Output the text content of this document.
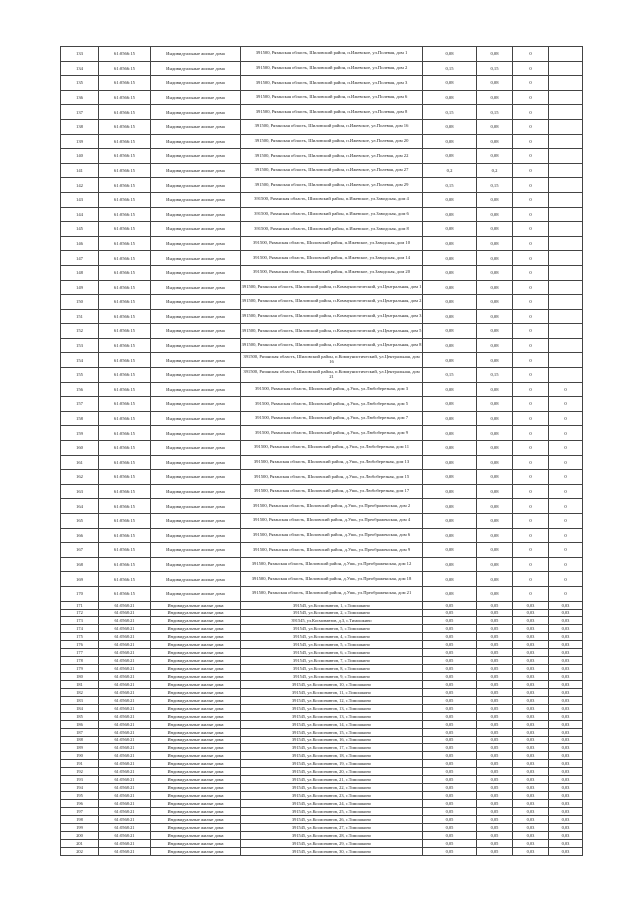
133	61:0566:15	Индивидуальные жилые дома	391500, Рязанская область, Шиловский район, п.Ижевское, ул.Полевая, дом 1	0,08	0,08	0	
134	61:0566:15	Индивидуальные жилые дома	391500, Рязанская область, Шиловский район, п.Ижевское, ул.Полевая, дом 2	0,15	0,15	0	
135	61:0566:15	Индивидуальные жилые дома	391500, Рязанская область, Шиловский район, п.Ижевское, ул.Полевая, дом 3	0,08	0,08	0	
136	61:0566:15	Индивидуальные жилые дома	391500, Рязанская область, Шиловский район, п.Ижевское, ул.Полевая, дом 6	0,08	0,08	0	
137	61:0566:15	Индивидуальные жилые дома	391500, Рязанская область, Шиловский район, п.Ижевское, ул.Полевая, дом 8	0,15	0,15	0	
138	61:0566:15	Индивидуальные жилые дома	391500, Рязанская область, Шиловский район, п.Ижевское, ул.Полевая, дом 16	0,08	0,08	0	
139	61:0566:15	Индивидуальные жилые дома	391500, Рязанская область, Шиловский район, п.Ижевское, ул.Полевая, дом 20	0,08	0,08	0	
140	61:0566:15	Индивидуальные жилые дома	391500, Рязанская область, Шиловский район, п.Ижевское, ул.Полевая, дом 22	0,08	0,08	0	
141	61:0566:15	Индивидуальные жилые дома	391500, Рязанская область, Шиловский район, п.Ижевское, ул.Полевая, дом 27	0,2	0,2	0	
142	61:0566:15	Индивидуальные жилые дома	391500, Рязанская область, Шиловский район, п.Ижевское, ул.Полевая, дом 29	0,15	0,15	0	
143	61:0566:15	Индивидуальные жилые дома	391500, Рязанская область, Шиловский район, п.Ижевское, ул.Заводская, дом 4	0,08	0,08	0	
144	61:0566:15	Индивидуальные жилые дома	391500, Рязанская область, Шиловский район, п.Ижевское, ул.Заводская, дом 6	0,08	0,08	0	
145	61:0566:15	Индивидуальные жилые дома	391500, Рязанская область, Шиловский район, п.Ижевское, ул.Заводская, дом 8	0,08	0,08	0	
146	61:0566:15	Индивидуальные жилые дома	391500, Рязанская область, Шиловский район, п.Ижевское, ул.Заводская, дом 10	0,08	0,08	0	
147	61:0566:15	Индивидуальные жилые дома	391500, Рязанская область, Шиловский район, п.Ижевское, ул.Заводская, дом 14	0,08	0,08	0	
148	61:0566:15	Индивидуальные жилые дома	391500, Рязанская область, Шиловский район, п.Ижевское, ул.Заводская, дом 20	0,08	0,08	0	
149	61:0566:15	Индивидуальные жилые дома	391500, Рязанская область, Шиловский район, п.Коммунистический, ул.Центральная, дом 1	0,08	0,08	0	
150	61:0566:15	Индивидуальные жилые дома	391500, Рязанская область, Шиловский район, п.Коммунистический, ул.Центральная, дом 2	0,08	0,08	0	
151	61:0566:15	Индивидуальные жилые дома	391500, Рязанская область, Шиловский район, п.Коммунистический, ул.Центральная, дом 3	0,08	0,08	0	
152	61:0566:15	Индивидуальные жилые дома	391500, Рязанская область, Шиловский район, п.Коммунистический, ул.Центральная, дом 5	0,08	0,08	0	
153	61:0566:15	Индивидуальные жилые дома	391500, Рязанская область, Шиловский район, п.Коммунистический, ул.Центральная, дом 8	0,08	0,08	0	
154	61:0566:15	Индивидуальные жилые дома	391500, Рязанская область, Шиловский район, п.Коммунистический, ул.Центральная, дом 16	0,08	0,08	0	
155	61:0566:15	Индивидуальные жилые дома	391500, Рязанская область, Шиловский район, п.Коммунистический, ул.Центральная, дом 21	0,15	0,15	0	
156	61:0566:15	Индивидуальные жилые дома	391500, Рязанская область, Шиловский район, д.Ушь, ул.Любоберезная, дом 3	0,08	0,08	0	0
157	61:0566:15	Индивидуальные жилые дома	391500, Рязанская область, Шиловский район, д.Ушь, ул.Любоберезная, дом 5	0,08	0,08	0	0
158	61:0566:15	Индивидуальные жилые дома	391500, Рязанская область, Шиловский район, д.Ушь, ул.Любоберезная, дом 7	0,08	0,08	0	0
159	61:0566:15	Индивидуальные жилые дома	391500, Рязанская область, Шиловский район, д.Ушь, ул.Любоберезная, дом 9	0,08	0,08	0	0
160	61:0566:15	Индивидуальные жилые дома	391500, Рязанская область, Шиловский район, д.Ушь, ул.Любоберезная, дом 11	0,08	0,08	0	0
161	61:0566:15	Индивидуальные жилые дома	391500, Рязанская область, Шиловский район, д.Ушь, ул.Любоберезная, дом 13	0,08	0,08	0	0
162	61:0566:15	Индивидуальные жилые дома	391500, Рязанская область, Шиловский район, д.Ушь, ул.Любоберезная, дом 15	0,08	0,08	0	0
163	61:0566:15	Индивидуальные жилые дома	391500, Рязанская область, Шиловский район, д.Ушь, ул.Любоберезная, дом 17	0,08	0,08	0	0
164	61:0566:15	Индивидуальные жилые дома	391500, Рязанская область, Шиловский район, д.Ушь, ул.Преображенская, дом 2	0,08	0,08	0	0
165	61:0566:15	Индивидуальные жилые дома	391500, Рязанская область, Шиловский район, д.Ушь, ул.Преображенская, дом 4	0,08	0,08	0	0
166	61:0566:15	Индивидуальные жилые дома	391500, Рязанская область, Шиловский район, д.Ушь, ул.Преображенская, дом 6	0,08	0,08	0	0
167	61:0566:15	Индивидуальные жилые дома	391500, Рязанская область, Шиловский район, д.Ушь, ул.Преображенская, дом 9	0,08	0,08	0	0
168	61:0566:15	Индивидуальные жилые дома	391500, Рязанская область, Шиловский район, д.Ушь, ул.Преображенская, дом 12	0,08	0,08	0	0
169	61:0566:15	Индивидуальные жилые дома	391500, Рязанская область, Шиловский район, д.Ушь, ул.Преображенская, дом 18	0,08	0,08	0	0
170	61:0566:15	Индивидуальные жилые дома	391500, Рязанская область, Шиловский район, д.Ушь, ул.Преображенская, дом 21	0,08	0,08	0	0
171	61:0568:21	Индивидуальные жилые дома	391545, ул.Космонавтов, 1, с.Тимошкино	0,05	0,05	0,03	0,03
172	61:0568:21	Индивидуальные жилые дома	391545, ул.Космонавтов, 2, с.Тимошкино	0,05	0,05	0,03	0,03
173	61:0568:21	Индивидуальные жилые дома	391545, ул.Космонавтов, д.3, с.Тимошкино	0,05	0,05	0,03	0,03
174	61:0568:21	Индивидуальные жилые дома	391545, ул.Космонавтов, 5, с.Тимошкино	0,05	0,05	0,03	0,03
175	61:0568:21	Индивидуальные жилые дома	391545, ул.Космонавтов, 4, с.Тимошкино	0,05	0,05	0,03	0,03
176	61:0568:21	Индивидуальные жилые дома	391545, ул.Космонавтов, 5, с.Тимошкино	0,05	0,05	0,03	0,03
177	61:0568:21	Индивидуальные жилые дома	391545, ул.Космонавтов, 6, с.Тимошкино	0,05	0,05	0,03	0,03
178	61:0568:21	Индивидуальные жилые дома	391545, ул.Космонавтов, 7, с.Тимошкино	0,05	0,05	0,03	0,03
179	61:0568:21	Индивидуальные жилые дома	391545, ул.Космонавтов, 8, с.Тимошкино	0,05	0,05	0,03	0,03
180	61:0568:21	Индивидуальные жилые дома	391545, ул.Космонавтов, 9, с.Тимошкино	0,05	0,05	0,03	0,03
181	61:0568:21	Индивидуальные жилые дома	391545, ул.Космонавтов, 10, с.Тимошкино	0,05	0,05	0,03	0,03
182	61:0568:21	Индивидуальные жилые дома	391545, ул.Космонавтов, 11, с.Тимошкино	0,05	0,05	0,03	0,03
183	61:0568:21	Индивидуальные жилые дома	391545, ул.Космонавтов, 12, с.Тимошкино	0,05	0,05	0,03	0,03
184	61:0568:21	Индивидуальные жилые дома	391545, ул.Космонавтов, 13, с.Тимошкино	0,05	0,05	0,03	0,03
185	61:0568:21	Индивидуальные жилые дома	391545, ул.Космонавтов, 13, с.Тимошкино	0,05	0,05	0,03	0,03
186	61:0568:21	Индивидуальные жилые дома	391545, ул.Космонавтов, 14, с.Тимошкино	0,05	0,05	0,03	0,03
187	61:0568:21	Индивидуальные жилые дома	391545, ул.Космонавтов, 15, с.Тимошкино	0,05	0,05	0,03	0,03
188	61:0568:21	Индивидуальные жилые дома	391545, ул.Космонавтов, 16, с.Тимошкино	0,05	0,05	0,03	0,03
189	61:0568:21	Индивидуальные жилые дома	391545, ул.Космонавтов, 17, с.Тимошкино	0,05	0,05	0,03	0,03
190	61:0568:21	Индивидуальные жилые дома	391545, ул.Космонавтов, 18, с.Тимошкино	0,05	0,05	0,03	0,03
191	61:0568:21	Индивидуальные жилые дома	391545, ул.Космонавтов, 19, с.Тимошкино	0,05	0,05	0,03	0,03
192	61:0568:21	Индивидуальные жилые дома	391545, ул.Космонавтов, 20, с.Тимошкино	0,05	0,05	0,03	0,03
193	61:0568:21	Индивидуальные жилые дома	391545, ул.Космонавтов, 21, с.Тимошкино	0,05	0,05	0,03	0,03
194	61:0568:21	Индивидуальные жилые дома	391545, ул.Космонавтов, 22, с.Тимошкино	0,05	0,05	0,03	0,03
195	61:0568:21	Индивидуальные жилые дома	391545, ул.Космонавтов, 23, с.Тимошкино	0,05	0,05	0,03	0,03
196	61:0568:21	Индивидуальные жилые дома	391545, ул.Космонавтов, 24, с.Тимошкино	0,05	0,05	0,03	0,03
197	61:0568:21	Индивидуальные жилые дома	391545, ул.Космонавтов, 25, с.Тимошкино	0,05	0,05	0,03	0,03
198	61:0568:21	Индивидуальные жилые дома	391545, ул.Космонавтов, 26, с.Тимошкино	0,05	0,05	0,03	0,03
199	61:0568:21	Индивидуальные жилые дома	391545, ул.Космонавтов, 27, с.Тимошкино	0,05	0,05	0,03	0,03
200	61:0568:21	Индивидуальные жилые дома	391545, ул.Космонавтов, 28, с.Тимошкино	0,05	0,05	0,03	0,03
201	61:0568:21	Индивидуальные жилые дома	391545, ул.Космонавтов, 29, с.Тимошкино	0,05	0,05	0,03	0,03
202	61:0568:21	Индивидуальные жилые дома	391545, ул.Космонавтов, 30, с.Тимошкино	0,05	0,05	0,03	0,03
